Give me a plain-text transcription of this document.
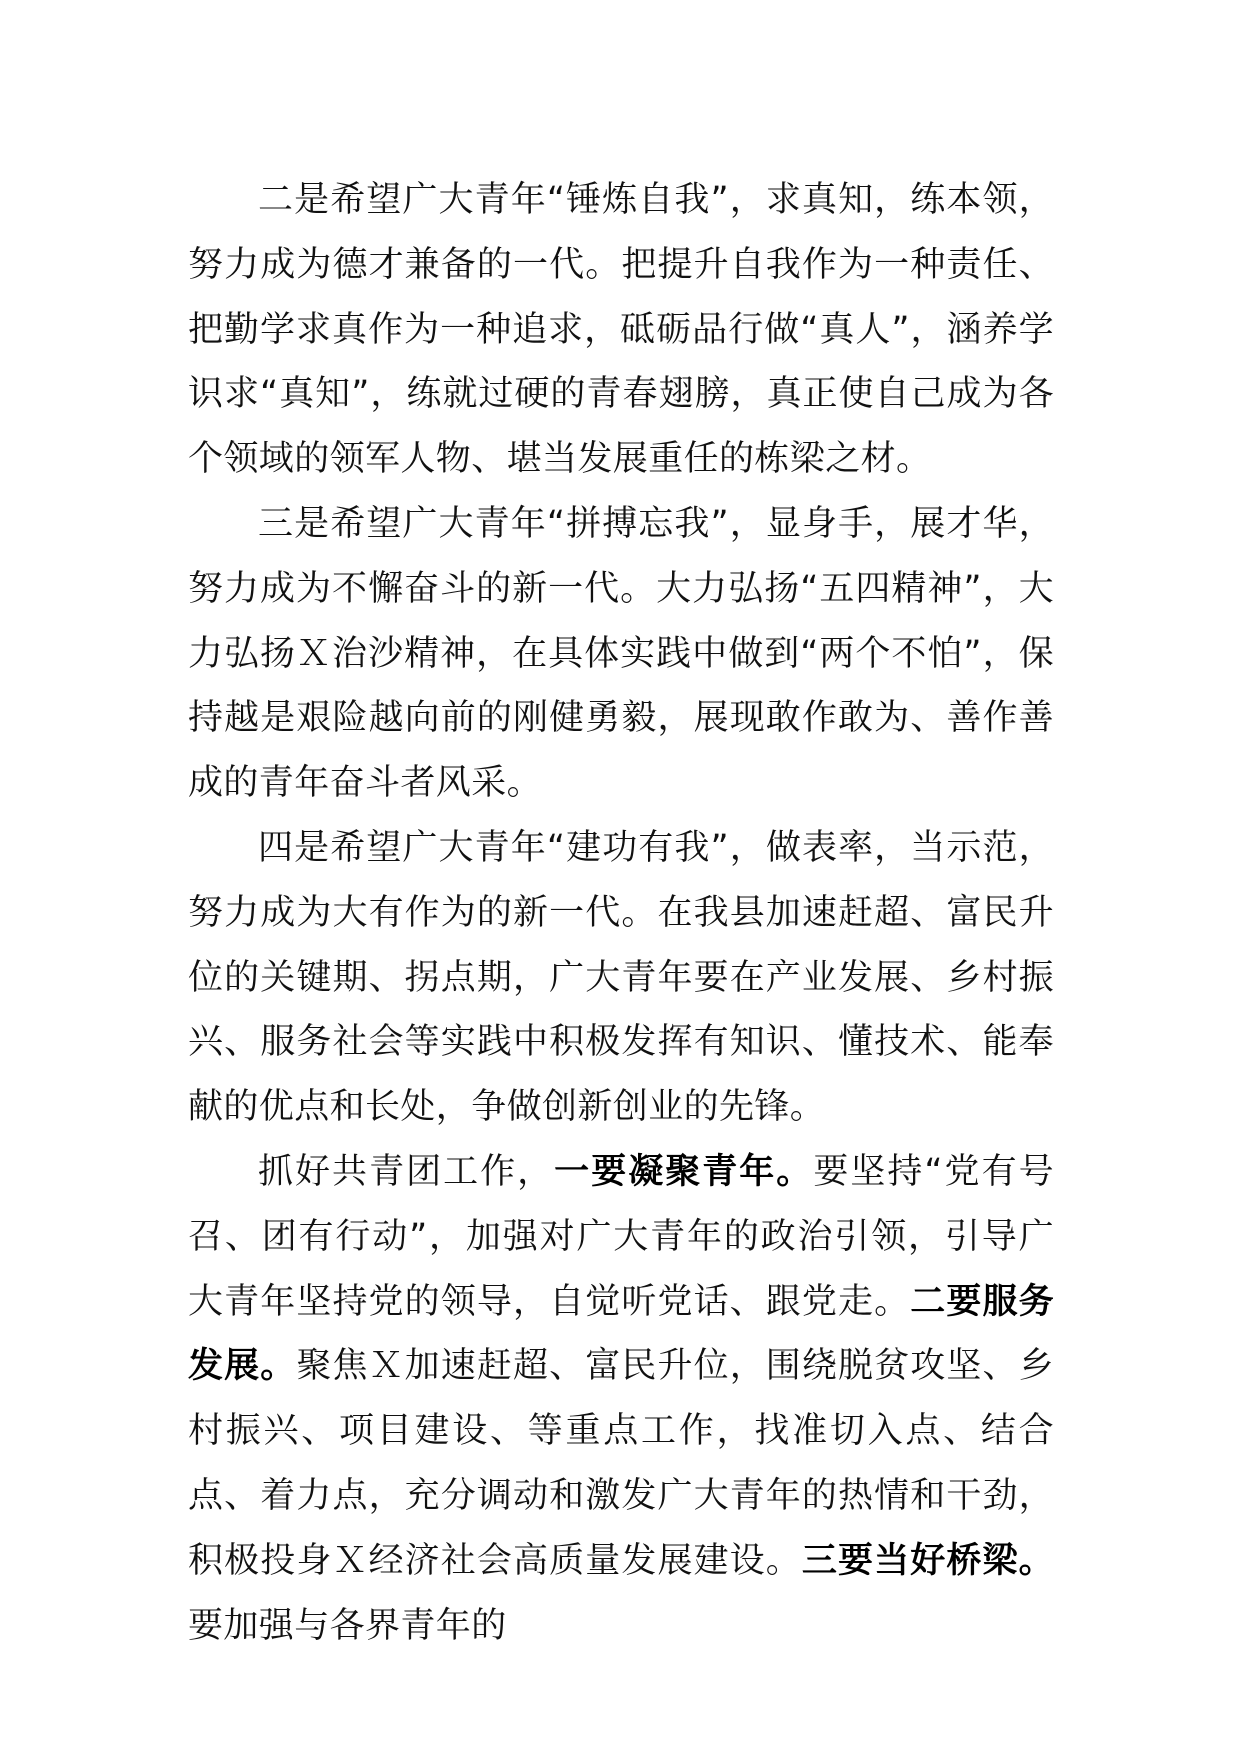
二是希望广大青年“锤炼自我”，求真知，练本领，努力成为德才兼备的一代。把提升自我作为一种责任、把勤学求真作为一种追求，砥砺品行做“真人”，涵养学识求“真知”，练就过硬的青春翅膀，真正使自己成为各个领域的领军人物、堪当发展重任的栋梁之材。

三是希望广大青年“拼搏忘我”，显身手，展才华，努力成为不懈奋斗的新一代。大力弘扬“五四精神”，大力弘扬Ｘ治沙精神，在具体实践中做到“两个不怕”，保持越是艰险越向前的刚健勇毅，展现敢作敢为、善作善成的青年奋斗者风采。

四是希望广大青年“建功有我”，做表率，当示范，努力成为大有作为的新一代。在我县加速赶超、富民升位的关键期、拐点期，广大青年要在产业发展、乡村振兴、服务社会等实践中积极发挥有知识、懂技术、能奉献的优点和长处，争做创新创业的先锋。

抓好共青团工作，一要凝聚青年。要坚持“党有号召、团有行动”，加强对广大青年的政治引领，引导广大青年坚持党的领导，自觉听党话、跟党走。二要服务发展。聚焦Ｘ加速赶超、富民升位，围绕脱贫攻坚、乡村振兴、项目建设、等重点工作，找准切入点、结合点、着力点，充分调动和激发广大青年的热情和干劲，积极投身Ｘ经济社会高质量发展建设。三要当好桥梁。要加强与各界青年的
